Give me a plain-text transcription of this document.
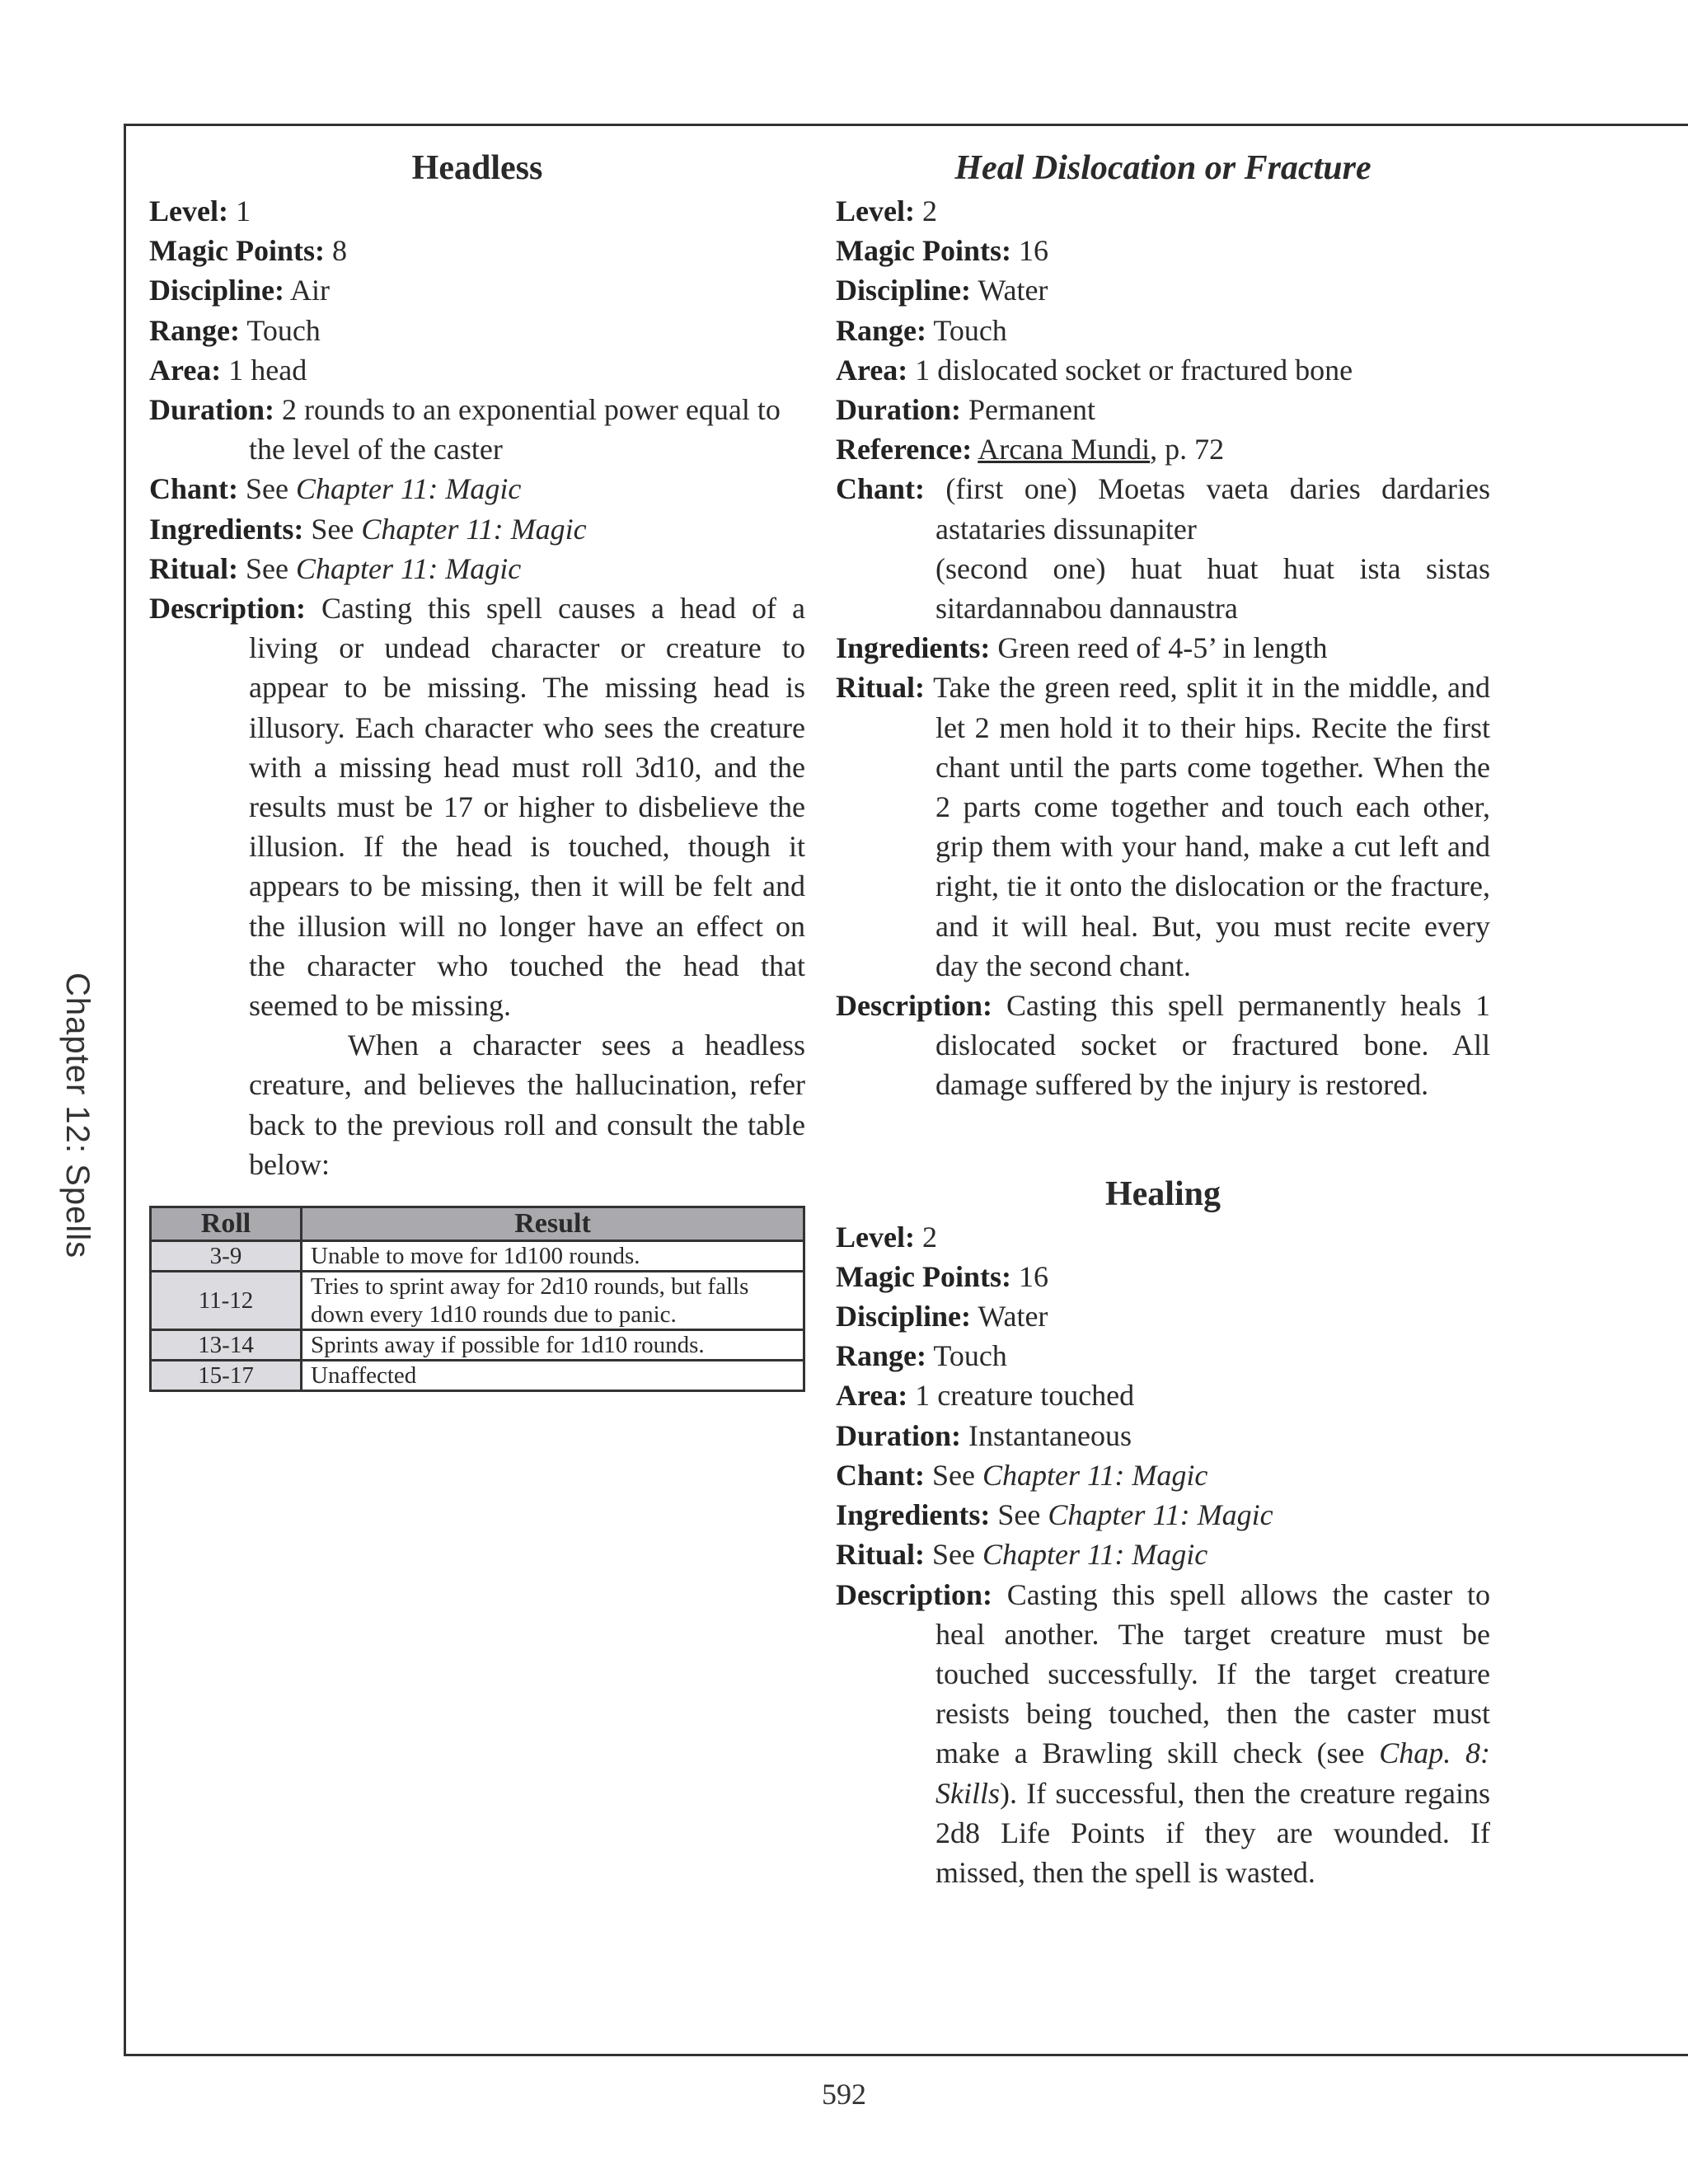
Chapter 12: Spells
Headless

Level: 1

Magic Points: 8

Discipline: Air

Range: Touch

Area: 1 head

Duration: 2 rounds to an exponential power equal to the level of the caster

Chant: See Chapter 11: Magic

Ingredients: See Chapter 11: Magic

Ritual: See Chapter 11: Magic

Description: Casting this spell causes a head of a living or undead character or creature to appear to be missing. The missing head is illusory. Each character who sees the creature with a missing head must roll 3d10, and the results must be 17 or higher to disbelieve the illusion. If the head is touched, though it appears to be missing, then it will be felt and the illusion will no longer have an effect on the character who touched the head that seemed to be missing.

When a character sees a headless creature, and believes the hallucination, refer back to the previous roll and consult the table below:

Roll	Result
3-9	Unable to move for 1d100 rounds.
11-12	Tries to sprint away for 2d10 rounds, but falls down every 1d10 rounds due to panic.
13-14	Sprints away if possible for 1d10 rounds.
15-17	Unaffected
Heal Dislocation or Fracture

Level: 2

Magic Points: 16

Discipline: Water

Range: Touch

Area: 1 dislocated socket or fractured bone

Duration: Permanent

Reference: Arcana Mundi, p. 72

Chant: (first one) Moetas vaeta daries dardaries astataries dissunapiter

(second one) huat huat huat ista sistas sitardannabou dannaustra

Ingredients: Green reed of 4-5’ in length

Ritual: Take the green reed, split it in the middle, and let 2 men hold it to their hips. Recite the first chant until the parts come together. When the 2 parts come together and touch each other, grip them with your hand, make a cut left and right, tie it onto the dislocation or the fracture, and it will heal. But, you must recite every day the second chant.

Description: Casting this spell permanently heals 1 dislocated socket or fractured bone. All damage suffered by the injury is restored.

Healing

Level: 2

Magic Points: 16

Discipline: Water

Range: Touch

Area: 1 creature touched

Duration: Instantaneous

Chant: See Chapter 11: Magic

Ingredients: See Chapter 11: Magic

Ritual: See Chapter 11: Magic

Description: Casting this spell allows the caster to heal another. The target creature must be touched successfully. If the target creature resists being touched, then the caster must make a Brawling skill check (see Chap. 8: Skills). If successful, then the creature regains 2d8 Life Points if they are wounded. If missed, then the spell is wasted.

592
